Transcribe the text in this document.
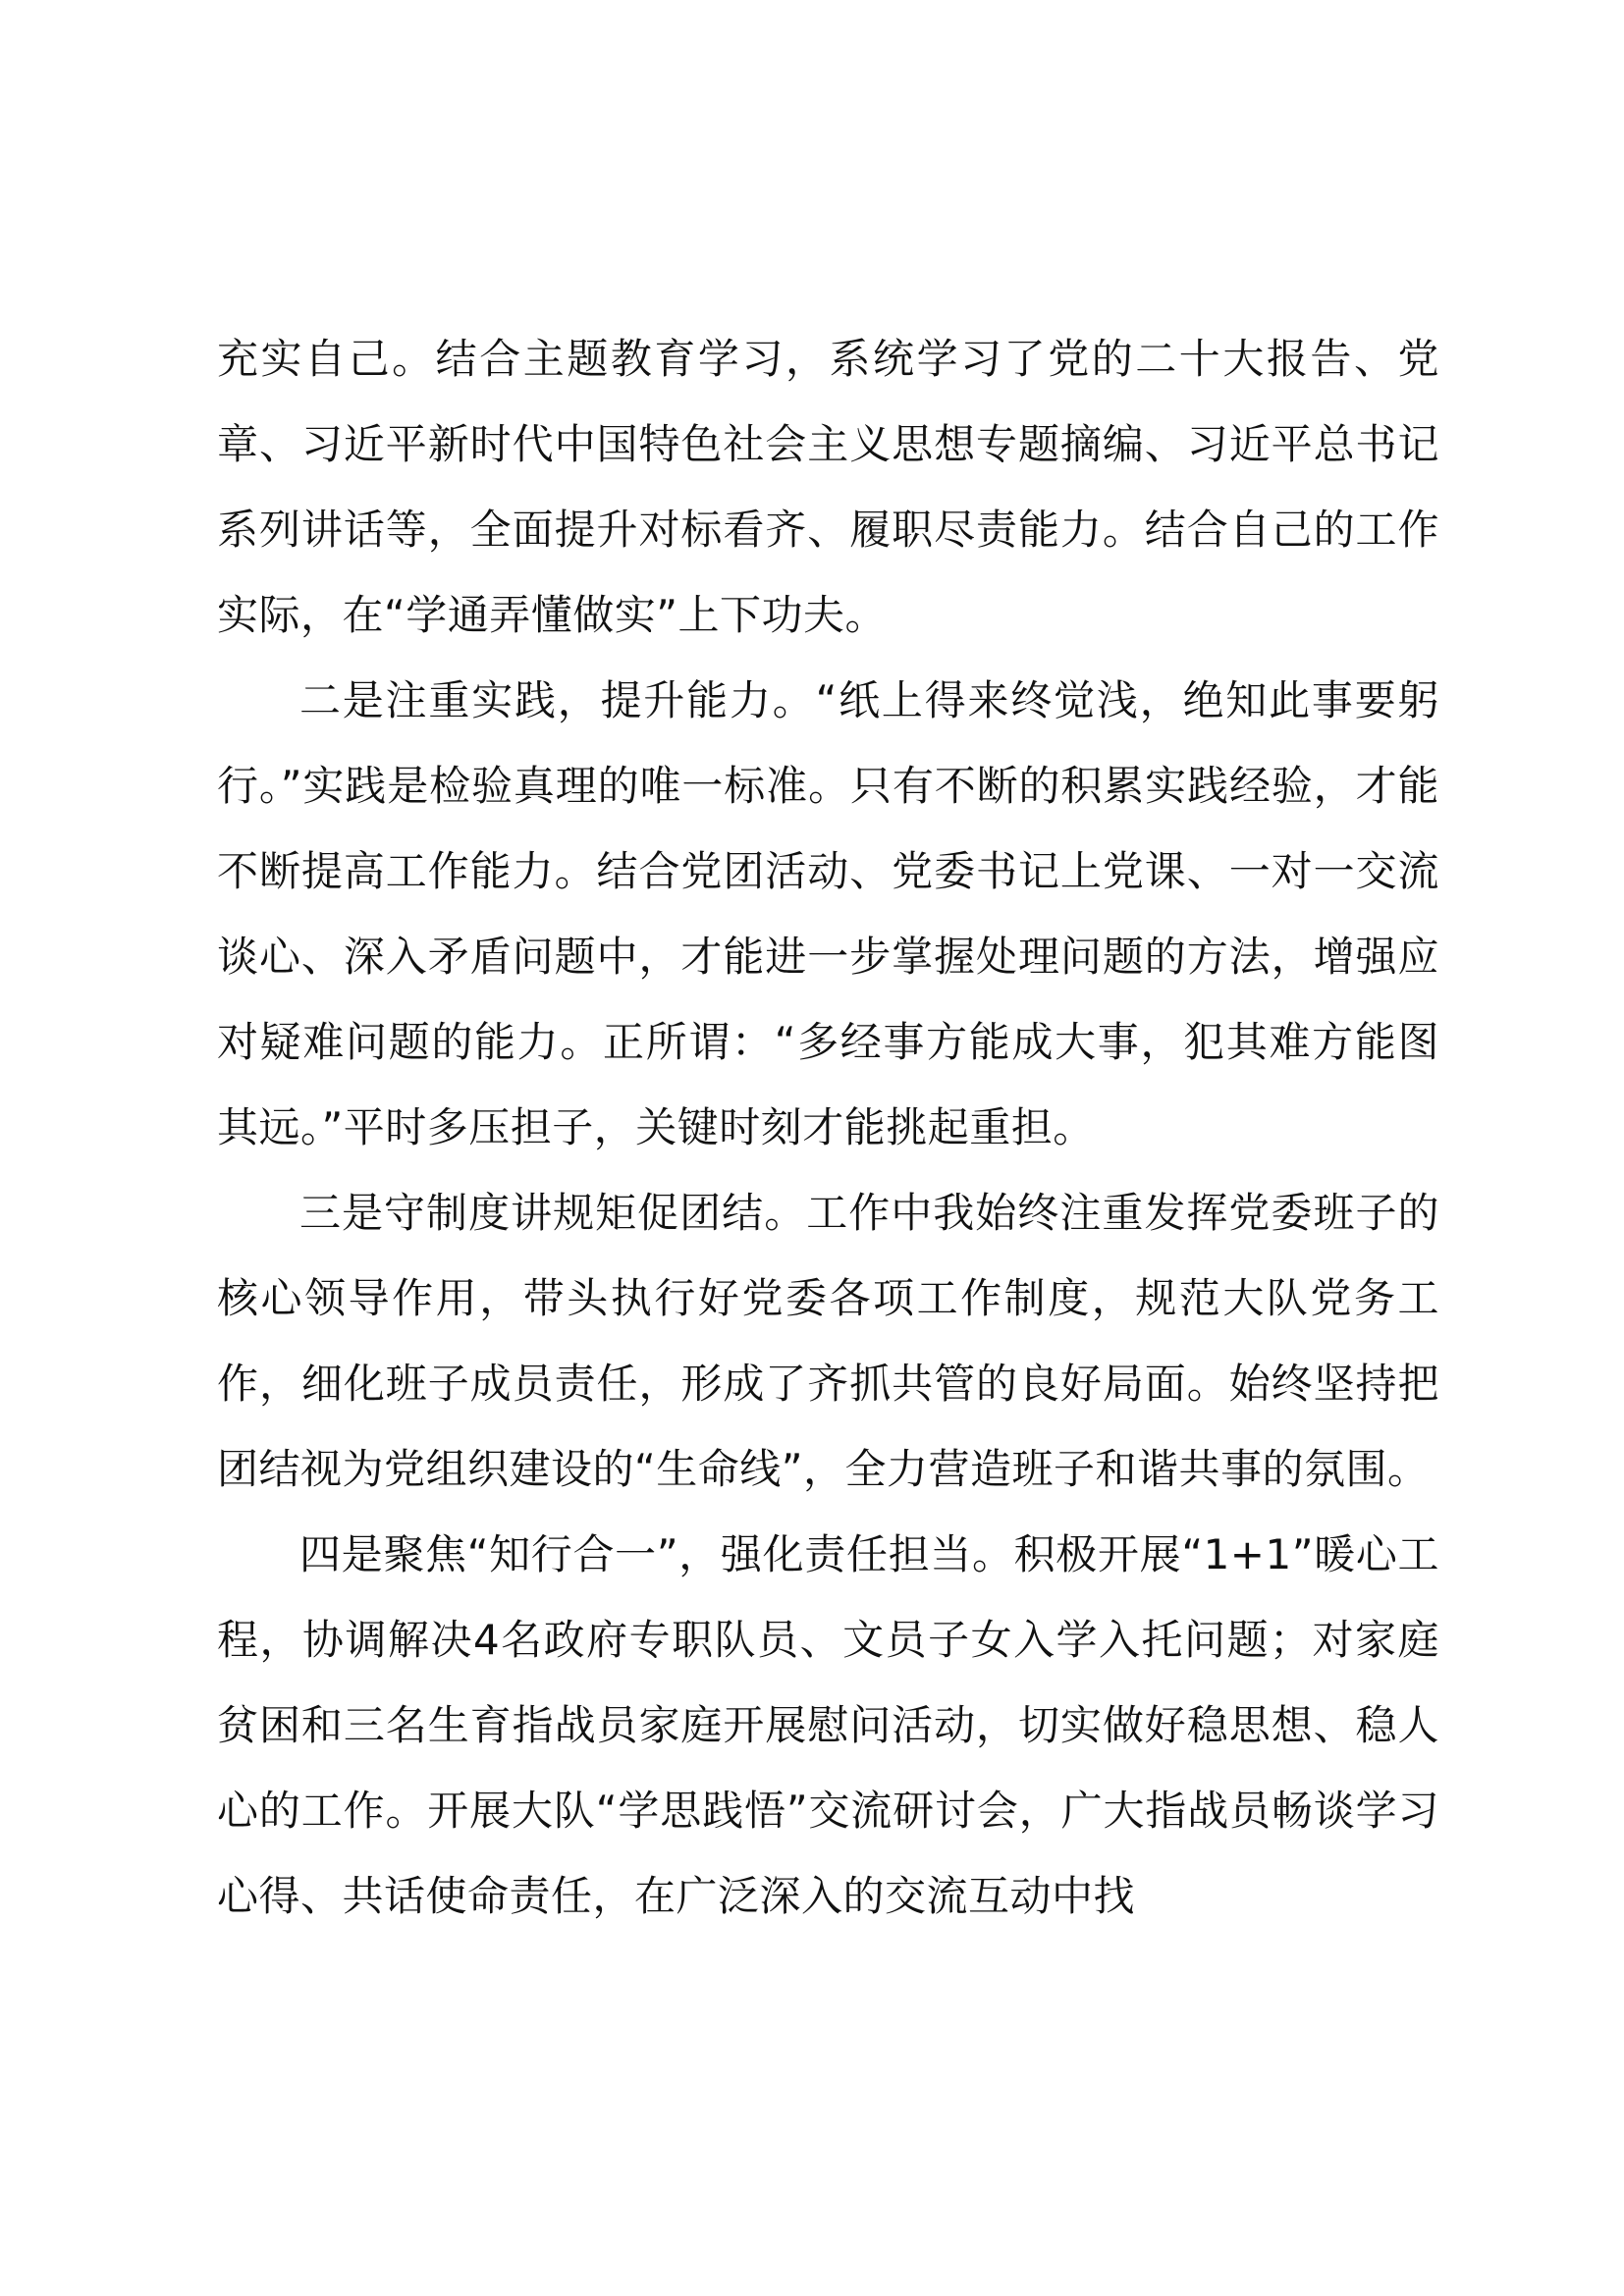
充实自己。结合主题教育学习，系统学习了党的二十大报告、党章、习近平新时代中国特色社会主义思想专题摘编、习近平总书记系列讲话等，全面提升对标看齐、履职尽责能力。结合自己的工作实际，在“学通弄懂做实”上下功夫。

二是注重实践，提升能力。“纸上得来终觉浅，绝知此事要躬行。”实践是检验真理的唯一标准。只有不断的积累实践经验，才能不断提高工作能力。结合党团活动、党委书记上党课、一对一交流谈心、深入矛盾问题中，才能进一步掌握处理问题的方法，增强应对疑难问题的能力。正所谓：“多经事方能成大事，犯其难方能图其远。”平时多压担子，关键时刻才能挑起重担。

三是守制度讲规矩促团结。工作中我始终注重发挥党委班子的核心领导作用，带头执行好党委各项工作制度，规范大队党务工作，细化班子成员责任，形成了齐抓共管的良好局面。始终坚持把团结视为党组织建设的“生命线”，全力营造班子和谐共事的氛围。

四是聚焦“知行合一”，强化责任担当。积极开展“1+1”暖心工程，协调解决4名政府专职队员、文员子女入学入托问题；对家庭贫困和三名生育指战员家庭开展慰问活动，切实做好稳思想、稳人心的工作。开展大队“学思践悟”交流研讨会，广大指战员畅谈学习心得、共话使命责任，在广泛深入的交流互动中找
